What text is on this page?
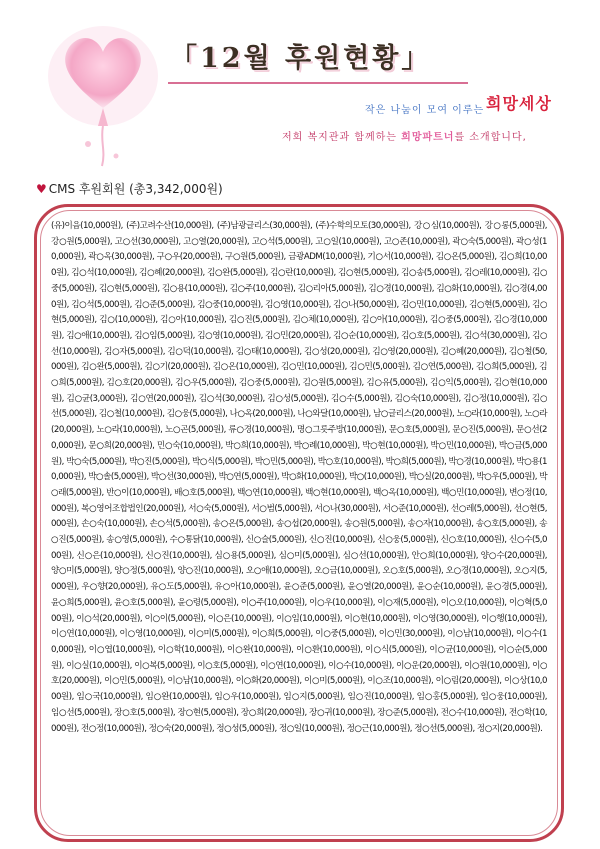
「12월 후원현황」
작은 나눔이 모여 이루는 희망세상
저희 복지관과 함께하는 희망파트너를 소개합니다,
♥ CMS 후원회원 (총3,342,000원)
(유)이음(10,000원), (주)고려수산(10,000원), (주)남광글리스(30,000원), (주)수학의모토(30,000원), 강○심(10,000원), 강○롱(5,000원), 강○원(5,000원), 고○선(30,000원), 고○열(20,000원), 고○석(5,000원), 고○일(10,000원), 고○존(10,000원), 곽○숙(5,000원), 곽○성(10,000원), 곽○옥(30,000원), 구○우(20,000원), 구○원(5,000원), 금광ADM(10,000원), 기○서(10,000원), 김○온(5,000원), 김○희(10,000원), 김○석(10,000원), 김○혜(20,000원), 김○완(5,000원), 김○란(10,000원), 김○현(5,000원), 김○송(5,000원), 김○레(10,000원), 김○중(5,000원), 김○현(5,000원), 김○용(10,000원), 김○주(10,000원), 김○리아(5,000원), 김○경(10,000원), 김○화(10,000원), 김○경(4,000원), 김○석(5,000원), 김○준(5,000원), 김○중(10,000원), 김○영(10,000원), 김○나(50,000원), 김○민(10,000원), 김○현(5,000원), 김○현(5,000원), 김○(10,000원), 김○아(10,000원), 김○진(5,000원), 김○체(10,000원), 김○아(10,000원), 김○중(5,000원), 김○경(10,000원), 김○애(10,000원), 김○임(5,000원), 김○영(10,000원), 김○민(20,000원), 김○순(10,000원), 김○호(5,000원), 김○석(30,000원), 김○선(10,000원), 김○자(5,000원), 김○덕(10,000원), 김○태(10,000원), 김○성(20,000원), 김○영(20,000원), 김○혜(20,000원), 김○철(50,000원), 김○완(5,000원), 김○기(20,000원), 김○온(10,000원), 김○민(10,000원), 김○민(5,000원), 김○연(5,000원), 김○희(5,000원), 김○희(5,000원), 김○호(20,000원), 김○우(5,000원), 김○중(5,000원), 김○원(5,000원), 김○유(5,000원), 김○익(5,000원), 김○현(10,000원), 김○균(3,000원), 김○연(20,000원), 김○석(30,000원), 김○성(5,000원), 김○수(5,000원), 김○숙(10,000원), 김○정(10,000원), 김○선(5,000원), 김○철(10,000원), 김○웅(5,000원), 나○옥(20,000원), 나○와달(10,000원), 남○글리스(20,000원), 노○라(10,000원), 노○라(20,000원), 노○라(10,000원), 노○곤(5,000원), 류○경(10,000원), 명○그릇주방(10,000원), 문○호(5,000원), 문○진(5,000원), 문○선(20,000원), 문○희(20,000원), 민○숙(10,000원), 박○희(10,000원), 박○례(10,000원), 박○현(10,000원), 박○민(10,000원), 박○금(5,000원), 박○숙(5,000원), 박○진(5,000원), 박○식(5,000원), 박○민(5,000원), 박○호(10,000원), 박○희(5,000원), 박○경(10,000원), 박○용(10,000원), 박○솔(5,000원), 박○선(30,000원), 박○연(5,000원), 박○화(10,000원), 박○(10,000원), 박○실(20,000원), 박○우(5,000원), 박○래(5,000원), 반○이(10,000원), 배○호(5,000원), 백○연(10,000원), 백○현(10,000원), 백○옥(10,000원), 백○민(10,000원), 변○정(10,000원), 복○영어조합법인(20,000원), 서○숙(5,000원), 서○범(5,000원), 서○나(30,000원), 서○준(10,000원), 선○레(5,000원), 선○현(5,000원), 손○숙(10,000원), 손○석(5,000원), 송○온(5,000원), 송○섭(20,000원), 송○원(5,000원), 송○자(10,000원), 송○호(5,000원), 송○진(5,000원), 송○영(5,000원), 수○통닭(10,000원), 신○슬(5,000원), 신○진(10,000원), 신○웅(5,000원), 신○호(10,000원), 신○수(5,000원), 신○은(10,000원), 신○진(10,000원), 심○용(5,000원), 심○미(5,000원), 심○선(10,000원), 안○희(10,000원), 양○수(20,000원), 양○미(5,000원), 양○정(5,000원), 양○진(10,000원), 오○애(10,000원), 오○금(10,000원), 오○호(5,000원), 오○경(10,000원), 오○지(5,000원), 우○향(20,000원), 유○도(5,000원), 유○아(10,000원), 윤○준(5,000원), 윤○열(20,000원), 윤○순(10,000원), 윤○경(5,000원), 윤○희(5,000원), 윤○호(5,000원), 윤○령(5,000원), 이○주(10,000원), 이○우(10,000원), 이○재(5,000원), 이○오(10,000원), 이○혁(5,000원), 이○석(20,000원), 이○이(5,000원), 이○은(10,000원), 이○임(10,000원), 이○현(10,000원), 이○영(30,000원), 이○행(10,000원), 이○연(10,000원), 이○영(10,000원), 이○미(5,000원), 이○희(5,000원), 이○중(5,000원), 이○민(30,000원), 이○남(10,000원), 이○수(10,000원), 이○엽(10,000원), 이○학(10,000원), 이○완(10,000원), 이○환(10,000원), 이○식(5,000원), 이○균(10,000원), 이○순(5,000원), 이○실(10,000원), 이○복(5,000원), 이○호(5,000원), 이○연(10,000원), 이○수(10,000원), 이○운(20,000원), 이○원(10,000원), 이○호(20,000원), 이○민(5,000원), 이○남(10,000원), 이○화(20,000원), 이○미(5,000원), 이○조(10,000원), 이○림(20,000원), 이○상(10,000원), 임○국(10,000원), 임○완(10,000원), 임○우(10,000원), 임○지(5,000원), 임○진(10,000원), 임○홍(5,000원), 임○웅(10,000원), 임○선(5,000원), 장○호(5,000원), 장○현(5,000원), 장○희(20,000원), 장○귀(10,000원), 장○준(5,000원), 전○수(10,000원), 전○학(10,000원), 전○정(10,000원), 정○숙(20,000원), 정○성(5,000원), 정○일(10,000원), 정○근(10,000원), 정○선(5,000원), 정○지(20,000원).
